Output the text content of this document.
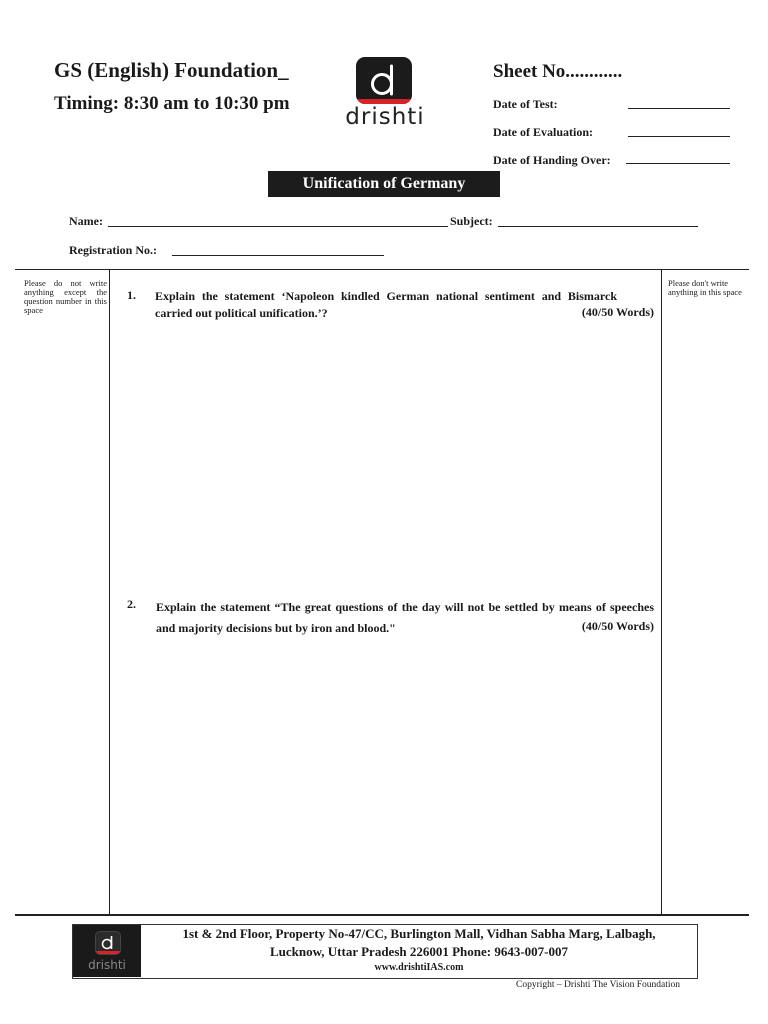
GS (English) Foundation_
Timing: 8:30 am to 10:30 pm
drishti
Sheet No............
Date of Test:
Date of Evaluation:
Date of Handing Over:
Unification of Germany
Name:	Subject:
Registration No.:
Please do not write anything except the question number in this space
Please don't write anything in this space
1. Explain the statement ‘Napoleon kindled German national sentiment and Bismarck carried out political unification.’?	(40/50 Words)
2. Explain the statement “The great questions of the day will not be settled by means of speeches and majority decisions but by iron and blood."	(40/50 Words)
drishti
1st & 2nd Floor, Property No-47/CC, Burlington Mall, Vidhan Sabha Marg, Lalbagh,
Lucknow, Uttar Pradesh 226001 Phone: 9643-007-007
www.drishtiIAS.com
Copyright – Drishti The Vision Foundation
